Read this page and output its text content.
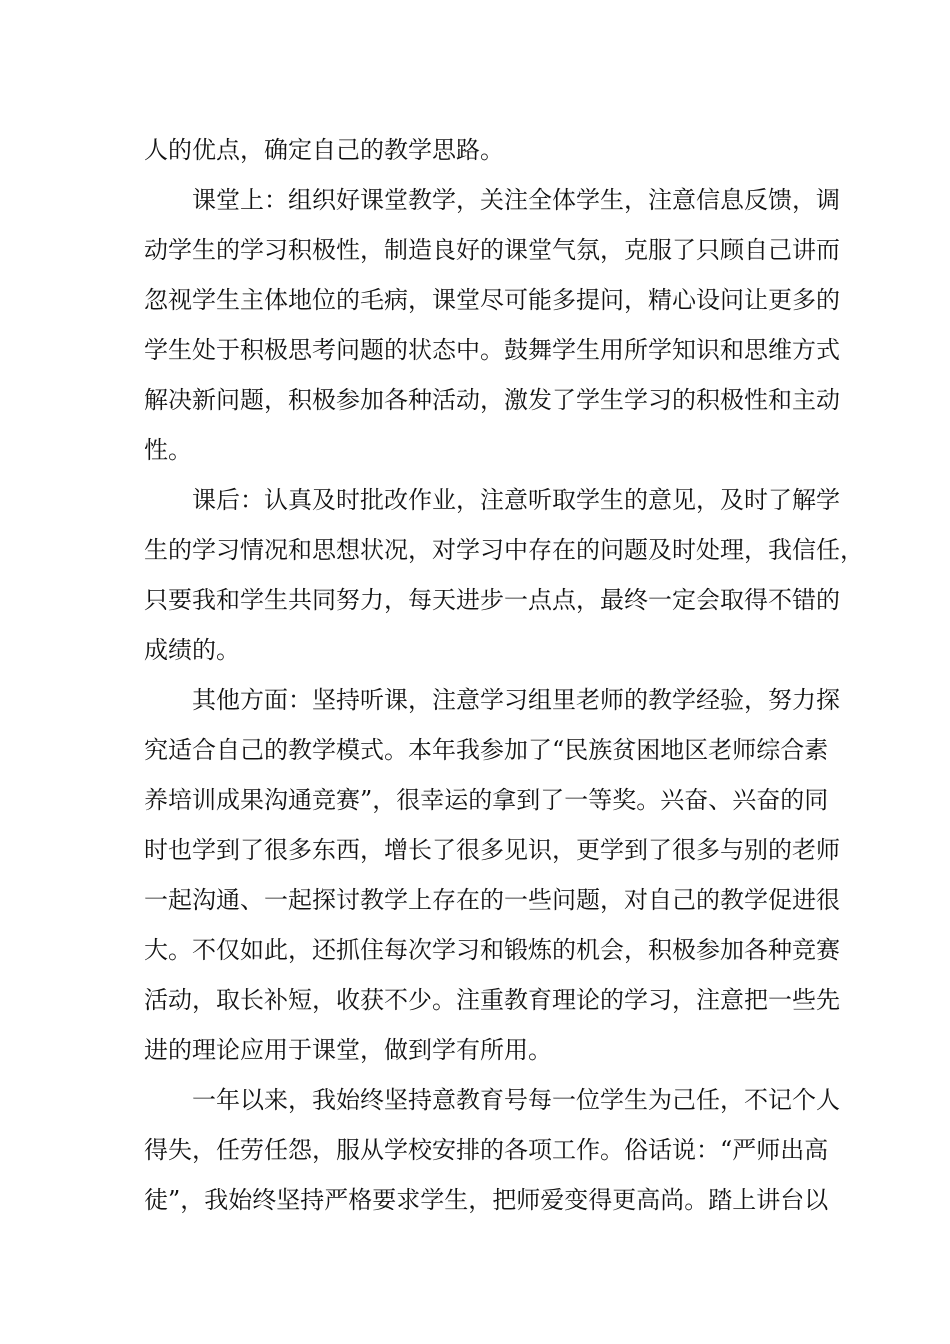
人的优点，确定自己的教学思路。
课堂上：组织好课堂教学，关注全体学生，注意信息反馈，调
动学生的学习积极性，制造良好的课堂气氛，克服了只顾自己讲而
忽视学生主体地位的毛病，课堂尽可能多提问，精心设问让更多的
学生处于积极思考问题的状态中。鼓舞学生用所学知识和思维方式
解决新问题，积极参加各种活动，激发了学生学习的积极性和主动
性。
课后：认真及时批改作业，注意听取学生的意见，及时了解学
生的学习情况和思想状况，对学习中存在的问题及时处理，我信任，
只要我和学生共同努力，每天进步一点点，最终一定会取得不错的
成绩的。
其他方面：坚持听课，注意学习组里老师的教学经验，努力探
究适合自己的教学模式。本年我参加了“民族贫困地区老师综合素
养培训成果沟通竞赛”，很幸运的拿到了一等奖。兴奋、兴奋的同
时也学到了很多东西，增长了很多见识，更学到了很多与别的老师
一起沟通、一起探讨教学上存在的一些问题，对自己的教学促进很
大。不仅如此，还抓住每次学习和锻炼的机会，积极参加各种竞赛
活动，取长补短，收获不少。注重教育理论的学习，注意把一些先
进的理论应用于课堂，做到学有所用。
一年以来，我始终坚持意教育号每一位学生为己任，不记个人
得失，任劳任怨，服从学校安排的各项工作。俗话说：“严师出高
徒”，我始终坚持严格要求学生，把师爱变得更高尚。踏上讲台以
